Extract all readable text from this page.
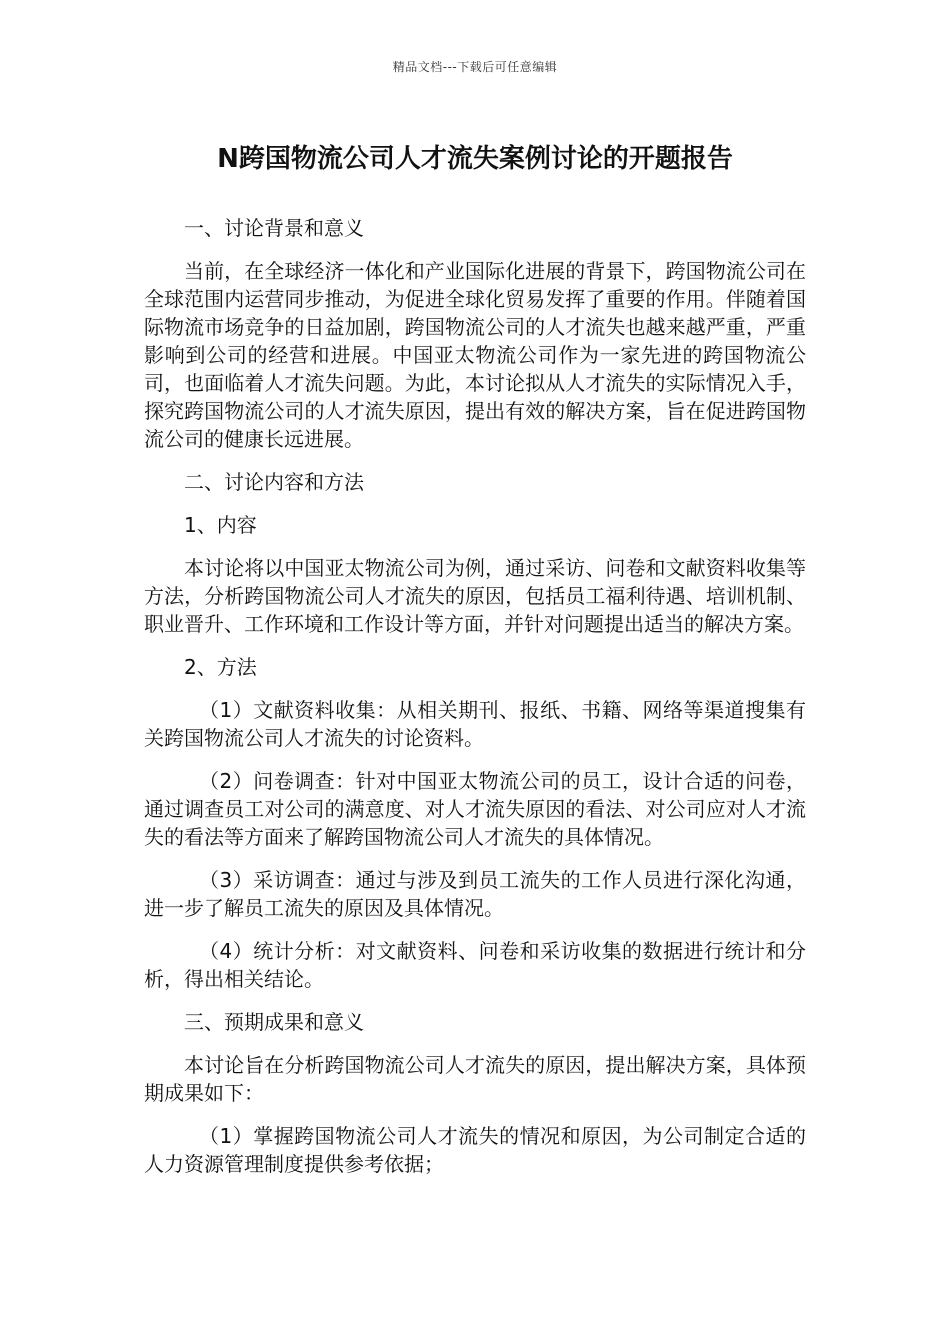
精品文档---下载后可任意编辑
N跨国物流公司人才流失案例讨论的开题报告

一、讨论背景和意义

当前，在全球经济一体化和产业国际化进展的背景下，跨国物流公司在全球范围内运营同步推动，为促进全球化贸易发挥了重要的作用。伴随着国际物流市场竞争的日益加剧，跨国物流公司的人才流失也越来越严重，严重影响到公司的经营和进展。中国亚太物流公司作为一家先进的跨国物流公司，也面临着人才流失问题。为此，本讨论拟从人才流失的实际情况入手，探究跨国物流公司的人才流失原因，提出有效的解决方案，旨在促进跨国物流公司的健康长远进展。

二、讨论内容和方法

1、内容

本讨论将以中国亚太物流公司为例，通过采访、问卷和文献资料收集等方法，分析跨国物流公司人才流失的原因，包括员工福利待遇、培训机制、职业晋升、工作环境和工作设计等方面，并针对问题提出适当的解决方案。

2、方法

（1）文献资料收集：从相关期刊、报纸、书籍、网络等渠道搜集有关跨国物流公司人才流失的讨论资料。

（2）问卷调查：针对中国亚太物流公司的员工，设计合适的问卷，通过调查员工对公司的满意度、对人才流失原因的看法、对公司应对人才流失的看法等方面来了解跨国物流公司人才流失的具体情况。

（3）采访调查：通过与涉及到员工流失的工作人员进行深化沟通，进一步了解员工流失的原因及具体情况。

（4）统计分析：对文献资料、问卷和采访收集的数据进行统计和分析，得出相关结论。

三、预期成果和意义

本讨论旨在分析跨国物流公司人才流失的原因，提出解决方案，具体预期成果如下：

（1）掌握跨国物流公司人才流失的情况和原因，为公司制定合适的人力资源管理制度提供参考依据；
